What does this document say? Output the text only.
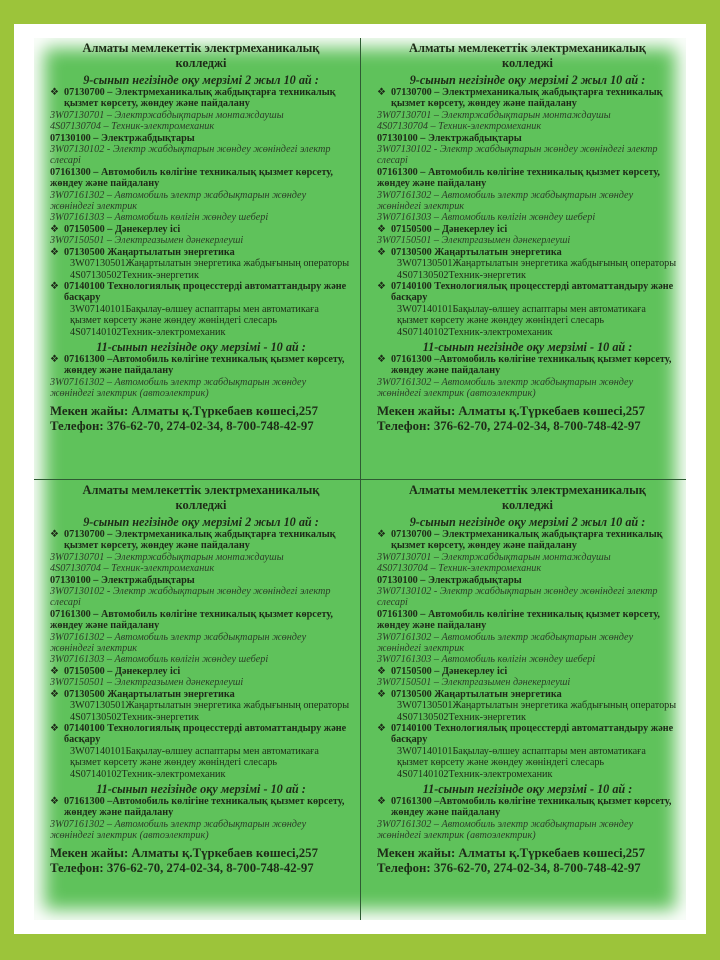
Алматы мемлекеттік электрмеханикалық
колледжі
9-сынып негізінде оқу мерзімі 2 жыл 10 ай :
❖ 07130700 – Электрмеханикалық жабдықтарға техникалық қызмет көрсету, жөндеу және пайдалану
3W07130701 – Электржабдықтарын монтаждаушы
4S07130704 – Техник-электромеханик
07130100 – Электржабдықтары
3W07130102 - Электр жабдықтарын жөндеу жөніндегі электр слесарі
07161300 – Автомобиль көлігіне техникалық қызмет көрсету, жөндеу және пайдалану
3W07161302 – Автомобиль электр жабдықтарын жөндеу жөніндегі электрик
3W07161303 – Автомобиль көлігін жөндеу шебері
❖ 07150500 – Дәнекерлеу ісі
3W07150501 – Электргазымен дәнекерлеуші
❖ 07130500 Жаңартылатын энергетика
3W07130501Жаңартылатын энергетика жабдығының операторы
4S07130502Техник-энергетик
❖ 07140100 Технологиялық процесстерді автоматтандыру және басқару
3W07140101Бақылау-өлшеу аспаптары мен автоматикаға қызмет көрсету және жөндеу жөніндегі слесарь
4S07140102Техник-электромеханик
11-сынып негізінде оқу мерзімі - 10 ай :
❖ 07161300 –Автомобиль көлігіне техникалық қызмет көрсету, жөндеу және пайдалану
3W07161302 – Автомобиль электр жабдықтарын жөндеу жөніндегі электрик (автоэлектрик)
Мекен жайы: Алматы қ.Түркебаев көшесі,257
Телефон: 376-62-70, 274-02-34, 8-700-748-42-97
Алматы мемлекеттік электрмеханикалық
колледжі
9-сынып негізінде оқу мерзімі 2 жыл 10 ай :
❖ 07130700 – Электрмеханикалық жабдықтарға техникалық қызмет көрсету, жөндеу және пайдалану
3W07130701 – Электржабдықтарын монтаждаушы
4S07130704 – Техник-электромеханик
07130100 – Электржабдықтары
3W07130102 - Электр жабдықтарын жөндеу жөніндегі электр слесарі
07161300 – Автомобиль көлігіне техникалық қызмет көрсету, жөндеу және пайдалану
3W07161302 – Автомобиль электр жабдықтарын жөндеу жөніндегі электрик
3W07161303 – Автомобиль көлігін жөндеу шебері
❖ 07150500 – Дәнекерлеу ісі
3W07150501 – Электргазымен дәнекерлеуші
❖ 07130500 Жаңартылатын энергетика
3W07130501Жаңартылатын энергетика жабдығының операторы
4S07130502Техник-энергетик
❖ 07140100 Технологиялық процесстерді автоматтандыру және басқару
3W07140101Бақылау-өлшеу аспаптары мен автоматикаға қызмет көрсету және жөндеу жөніндегі слесарь
4S07140102Техник-электромеханик
11-сынып негізінде оқу мерзімі - 10 ай :
❖ 07161300 –Автомобиль көлігіне техникалық қызмет көрсету, жөндеу және пайдалану
3W07161302 – Автомобиль электр жабдықтарын жөндеу жөніндегі электрик (автоэлектрик)
Мекен жайы: Алматы қ.Түркебаев көшесі,257
Телефон: 376-62-70, 274-02-34, 8-700-748-42-97
Алматы мемлекеттік электрмеханикалық
колледжі
9-сынып негізінде оқу мерзімі 2 жыл 10 ай :
❖ 07130700 – Электрмеханикалық жабдықтарға техникалық қызмет көрсету, жөндеу және пайдалану
3W07130701 – Электржабдықтарын монтаждаушы
4S07130704 – Техник-электромеханик
07130100 – Электржабдықтары
3W07130102 - Электр жабдықтарын жөндеу жөніндегі электр слесарі
07161300 – Автомобиль көлігіне техникалық қызмет көрсету, жөндеу және пайдалану
3W07161302 – Автомобиль электр жабдықтарын жөндеу жөніндегі электрик
3W07161303 – Автомобиль көлігін жөндеу шебері
❖ 07150500 – Дәнекерлеу ісі
3W07150501 – Электргазымен дәнекерлеуші
❖ 07130500 Жаңартылатын энергетика
3W07130501Жаңартылатын энергетика жабдығының операторы
4S07130502Техник-энергетик
❖ 07140100 Технологиялық процесстерді автоматтандыру және басқару
3W07140101Бақылау-өлшеу аспаптары мен автоматикаға қызмет көрсету және жөндеу жөніндегі слесарь
4S07140102Техник-электромеханик
11-сынып негізінде оқу мерзімі - 10 ай :
❖ 07161300 –Автомобиль көлігіне техникалық қызмет көрсету, жөндеу және пайдалану
3W07161302 – Автомобиль электр жабдықтарын жөндеу жөніндегі электрик (автоэлектрик)
Мекен жайы: Алматы қ.Түркебаев көшесі,257
Телефон: 376-62-70, 274-02-34, 8-700-748-42-97
Алматы мемлекеттік электрмеханикалық
колледжі
9-сынып негізінде оқу мерзімі 2 жыл 10 ай :
❖ 07130700 – Электрмеханикалық жабдықтарға техникалық қызмет көрсету, жөндеу және пайдалану
3W07130701 – Электржабдықтарын монтаждаушы
4S07130704 – Техник-электромеханик
07130100 – Электржабдықтары
3W07130102 - Электр жабдықтарын жөндеу жөніндегі электр слесарі
07161300 – Автомобиль көлігіне техникалық қызмет көрсету, жөндеу және пайдалану
3W07161302 – Автомобиль электр жабдықтарын жөндеу жөніндегі электрик
3W07161303 – Автомобиль көлігін жөндеу шебері
❖ 07150500 – Дәнекерлеу ісі
3W07150501 – Электргазымен дәнекерлеуші
❖ 07130500 Жаңартылатын энергетика
3W07130501Жаңартылатын энергетика жабдығының операторы
4S07130502Техник-энергетик
❖ 07140100 Технологиялық процесстерді автоматтандыру және басқару
3W07140101Бақылау-өлшеу аспаптары мен автоматикаға қызмет көрсету және жөндеу жөніндегі слесарь
4S07140102Техник-электромеханик
11-сынып негізінде оқу мерзімі - 10 ай :
❖ 07161300 –Автомобиль көлігіне техникалық қызмет көрсету, жөндеу және пайдалану
3W07161302 – Автомобиль электр жабдықтарын жөндеу жөніндегі электрик (автоэлектрик)
Мекен жайы: Алматы қ.Түркебаев көшесі,257
Телефон: 376-62-70, 274-02-34, 8-700-748-42-97
